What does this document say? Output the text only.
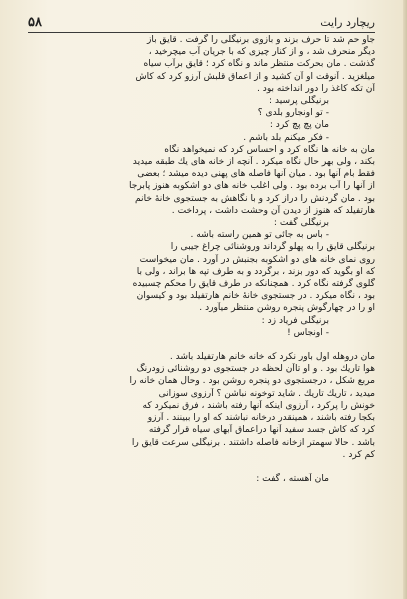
۵۸	ریچارد رایت

جاو حم شد تا حرف بزند و بازوی برنیگلی را گرفت . قایق باز

دیگر منحرف شد ، و از کنار چیزی که با جریان آب میچرخید ،

گذشت . مان بحرکت منتظر ماند و نگاه کرد ؛ قایق برآب سیاه

میلغزید . آنوقت او آن کشید و از اعماق قلبش آرزو کرد که کاش

آن تکه کاغذ را دور انداخته بود .

برنیگلی پرسید :

- تو اونجارو بلدی ؟

مان پچ پچ کرد :

- فکر میکنم بلد باشم .

مان به خانه ها نگاه کرد و احساس کرد که نمیخواهد نگاه

بکند ، ولی بهر حال نگاه میکرد . آنچه از خانه های یك طبقه میدید

فقط بام آنها بود . میان آنها فاصله های پهنی دیده میشد ؛ بعضی

از آنها را آب برده بود . ولی اغلب خانه های دو اشکوبه هنوز پابرجا

بود . مان گردنش را دراز کرد و با نگاهش به جستجوی خانهٔ خانم

هارتفیلد که هنوز از دیدن آن وحشت داشت ، پرداخت .

برنیگلی گفت :

- باس به جائی تو همین راسته باشه .

برنیگلی قایق را به پهلو گرداند وروشنائی چراغ جیبی را

روی نمای خانه های دو اشکوبه بجنبش در آورد . مان میخواست

که او بگوید که دور بزند ، برگردد و به طرف تپه ها براند ، ولی با

گلوی گرفته نگاه کرد . همچنانکه در طرف قایق را محکم چسبیده

بود ، نگاه میکرد . در جستجوی خانهٔ خانم هارتفیلد بود و کیسوان

او را در چهارگوش پنجره روشن منتظر میآورد .

برنیگلی فریاد زد :

- اونجاس !

مان دروهله اول باور نکرد که خانه خانم هارتفیلد باشد .

هوا تاریك بود . و او تاآن لحظه در جستجوی دو روشنائی زودرنگ

مربع شکل ، درجستجوی دو پنجره روشن بود . وحال همان خانه را

میدید ، تاریك تاریك . شاید توخونه نباشن ؟ آرزوی سوزانی

خونش را پرکرد ، آرزوی اینکه آنها رفته باشند ، فرق نمیکرد که

بکجا رفته باشند ، همینقدر درخانه نباشند که او را ببینند . آرزو

کرد که کاش جسد سفید آنها دراعماق آبهای سیاه قرار گرفته

باشد . حالا سهمتر ازخانه فاصله داشتند . برنیگلی سرعت قایق را

کم کرد .

مان آهسته ، گفت :
